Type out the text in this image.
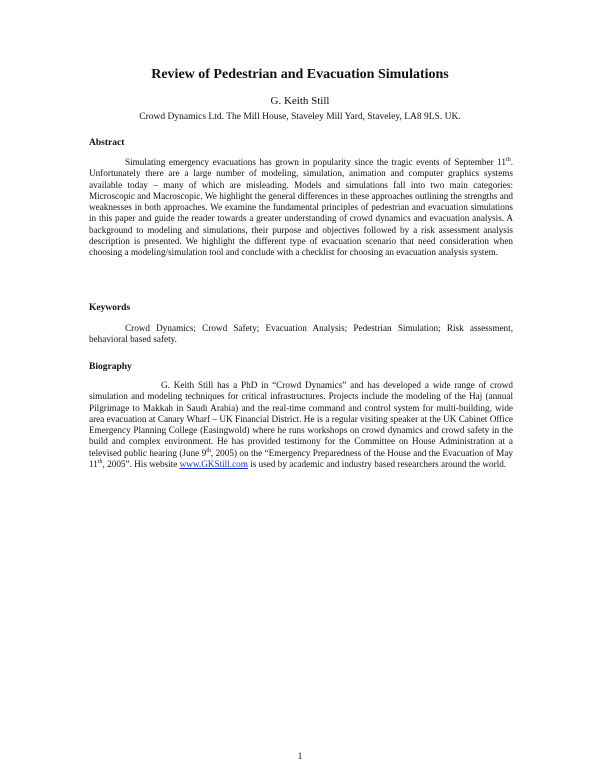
Review of Pedestrian and Evacuation Simulations
G. Keith Still
Crowd Dynamics Ltd. The Mill House, Staveley Mill Yard, Staveley, LA8 9LS. UK.
Abstract

Simulating emergency evacuations has grown in popularity since the tragic events of September 11th. Unfortunately there are a large number of modeling, simulation, animation and computer graphics systems available today – many of which are misleading. Models and simulations fall into two main categories: Microscopic and Macroscopic. We highlight the general differences in these approaches outlining the strengths and weaknesses in both approaches. We examine the fundamental principles of pedestrian and evacuation simulations in this paper and guide the reader towards a greater understanding of crowd dynamics and evacuation analysis. A background to modeling and simulations, their purpose and objectives followed by a risk assessment analysis description is presented. We highlight the different type of evacuation scenario that need consideration when choosing a modeling/simulation tool and conclude with a checklist for choosing an evacuation analysis system.

Keywords

Crowd Dynamics; Crowd Safety; Evacuation Analysis; Pedestrian Simulation; Risk assessment, behavioral based safety.

Biography

G. Keith Still has a PhD in “Crowd Dynamics” and has developed a wide range of crowd simulation and modeling techniques for critical infrastructures. Projects include the modeling of the Haj (annual Pilgrimage to Makkah in Saudi Arabia) and the real-time command and control system for multi-building, wide area evacuation at Canary Wharf – UK Financial District. He is a regular visiting speaker at the UK Cabinet Office Emergency Planning College (Easingwold) where he runs workshops on crowd dynamics and crowd safety in the build and complex environment. He has provided testimony for the Committee on House Administration at a televised public hearing (June 9th, 2005) on the “Emergency Preparedness of the House and the Evacuation of May 11th, 2005”. His website www.GKStill.com is used by academic and industry based researchers around the world.

1
